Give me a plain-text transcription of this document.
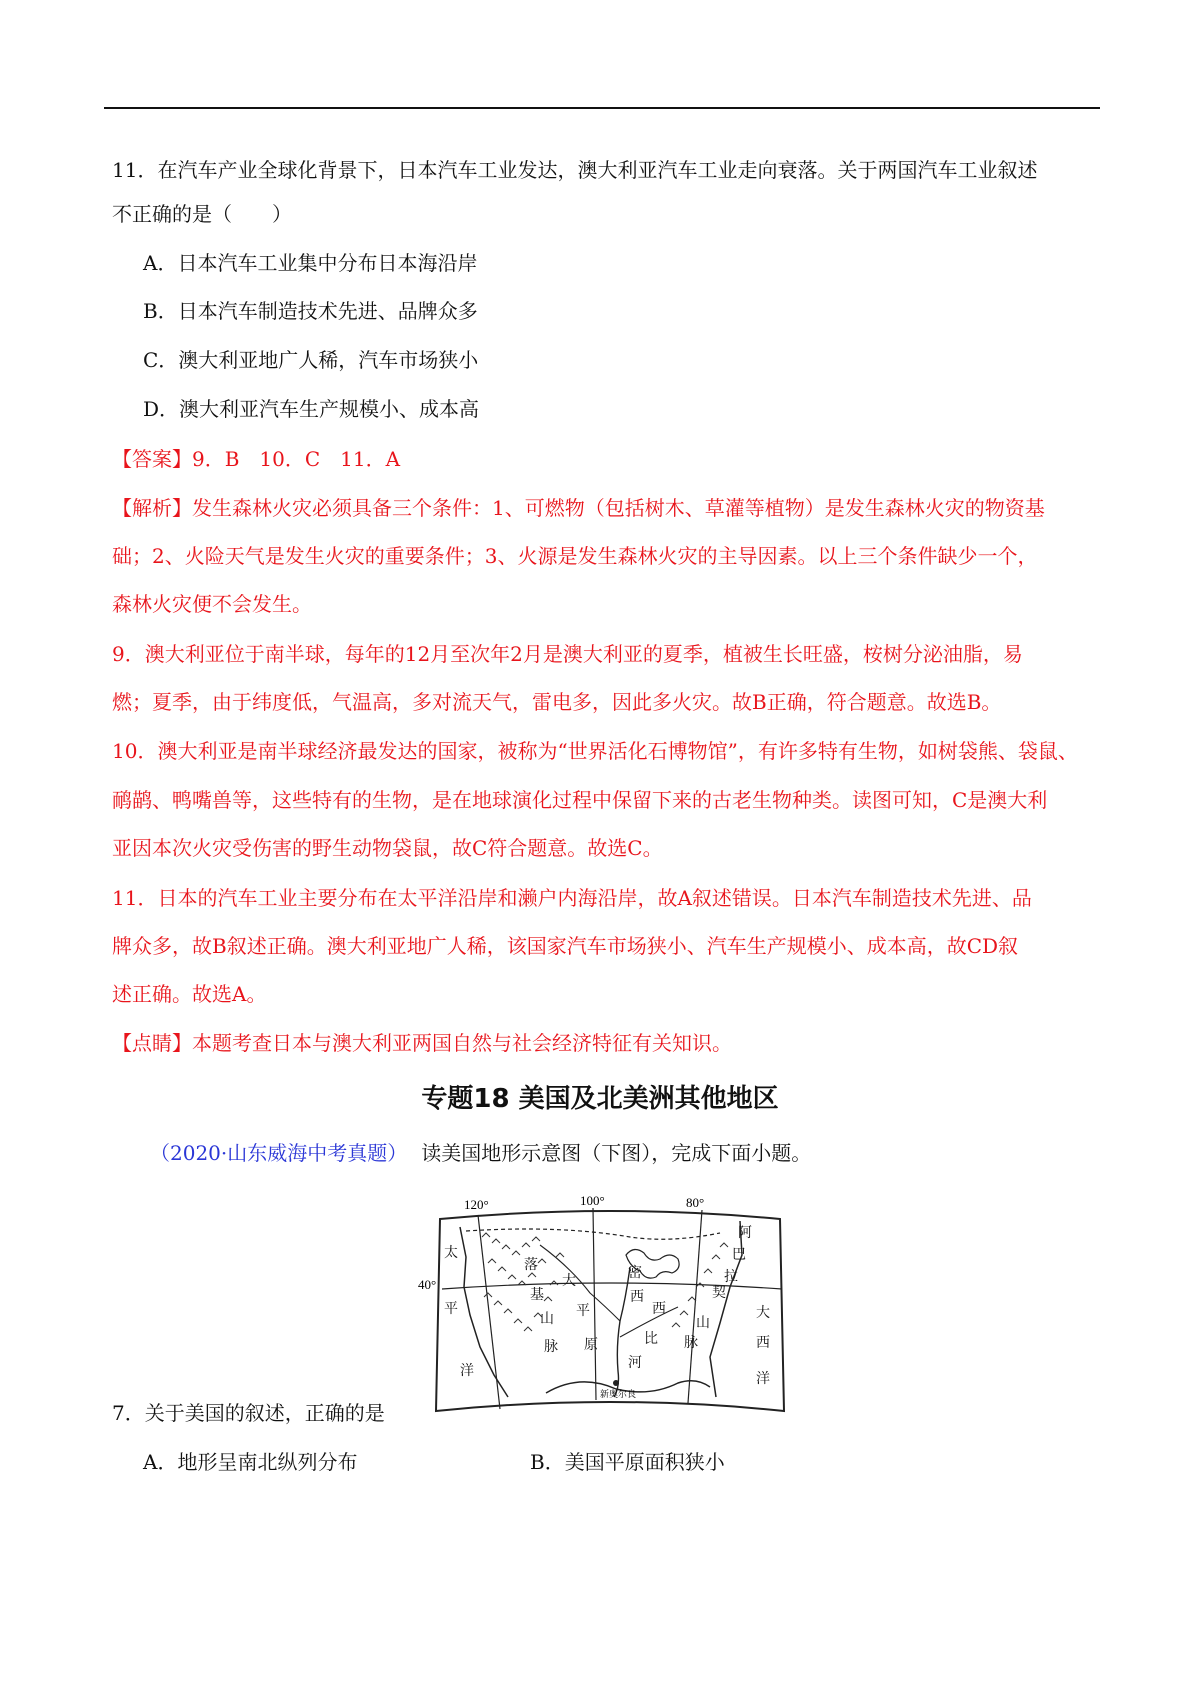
11．在汽车产业全球化背景下，日本汽车工业发达，澳大利亚汽车工业走向衰落。关于两国汽车工业叙述
不正确的是（　　）
A．日本汽车工业集中分布日本海沿岸
B．日本汽车制造技术先进、品牌众多
C．澳大利亚地广人稀，汽车市场狭小
D．澳大利亚汽车生产规模小、成本高
【答案】9．B　10．C　11．A
【解析】发生森林火灾必须具备三个条件：1、可燃物（包括树木、草灌等植物）是发生森林火灾的物资基
础；2、火险天气是发生火灾的重要条件；3、火源是发生森林火灾的主导因素。以上三个条件缺少一个，
森林火灾便不会发生。
9．澳大利亚位于南半球，每年的12月至次年2月是澳大利亚的夏季，植被生长旺盛，桉树分泌油脂，易
燃；夏季，由于纬度低，气温高，多对流天气，雷电多，因此多火灾。故B正确，符合题意。故选B。
10．澳大利亚是南半球经济最发达的国家，被称为“世界活化石博物馆”，有许多特有生物，如树袋熊、袋鼠、
鸸鹋、鸭嘴兽等，这些特有的生物，是在地球演化过程中保留下来的古老生物种类。读图可知，C是澳大利
亚因本次火灾受伤害的野生动物袋鼠，故C符合题意。故选C。
11．日本的汽车工业主要分布在太平洋沿岸和濑户内海沿岸，故A叙述错误。日本汽车制造技术先进、品
牌众多，故B叙述正确。澳大利亚地广人稀，该国家汽车市场狭小、汽车生产规模小、成本高，故CD叙
述正确。故选A。
【点睛】本题考查日本与澳大利亚两国自然与社会经济特征有关知识。
专题18 美国及北美洲其他地区
（2020·山东威海中考真题） 读美国地形示意图（下图），完成下面小题。
120°	100°	80°
40°
太
平
洋
落
基
山
脉
大
平
原
密
西
西
比
河
阿
巴
拉
契
山
脉
大
西
洋
新奥尔良
7．关于美国的叙述，正确的是
A．地形呈南北纵列分布	B．美国平原面积狭小
